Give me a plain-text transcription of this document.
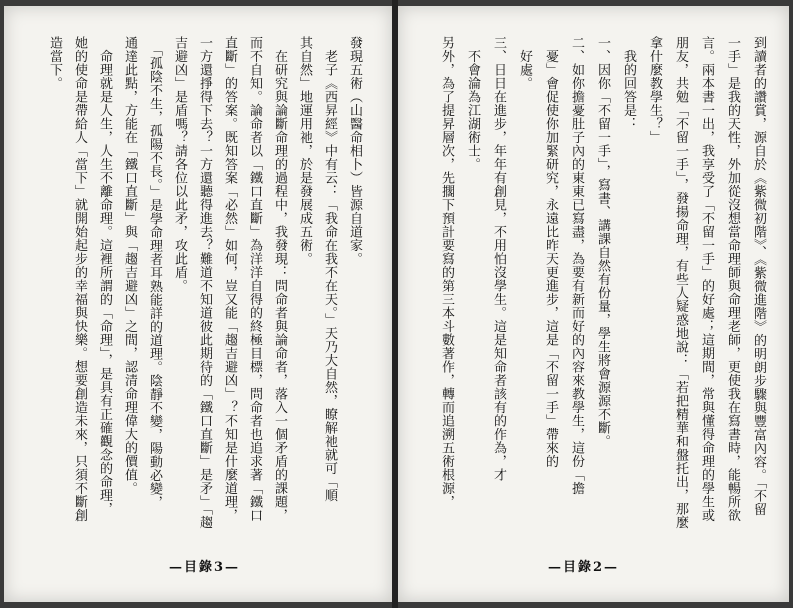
發現五術（山醫命相卜）皆源自道家。
　老子《西昇經》中有云：「我命在我不在天。」天乃大自然，瞭解祂就可「順
其自然」地運用祂，於是發展成五術。
　在研究與論斷命理的過程中，我發現：問命者與論命者，落入一個矛盾的課題，
而不自知。論命者以「鐵口直斷」為洋洋自得的終極目標，問命者也追求著「鐵口
直斷」的答案。既知答案「必然」如何，豈又能「趨吉避凶」？不知是什麼道理，
一方還掙得下去？一方還聽得進去？難道不知道彼此期待的「鐵口直斷」是矛」「趨
吉避凶」是盾嗎？請各位以此矛，攻此盾。
　「孤陰不生，孤陽不長。」是學命理者耳熟能詳的道理。陰靜不變，陽動必變，
通達此點，方能在「鐵口直斷」與「趨吉避凶」之間，認清命理偉大的價值。
　命理就是人生，人生不離命理。這裡所謂的「命理」，是具有正確觀念的命理，
她的使命是帶給人「當下」就開始起步的幸福與快樂。想要創造未來，只須不斷創
造當下。
—目錄3—
到讀者的讚賞，源自於《紫微初階》、《紫微進階》的明朗步驟與豐富內容。「不留
一手」是我的天性，外加從沒想當命理師與命理老師，更使我在寫書時，能暢所欲
言。兩本書一出，我享受了「不留一手」的好處；這期間，常與懂得命理的學生或
朋友，共勉「不留一手」，發揚命理，有些人疑惑地說：「若把精華和盤托出，那麼
拿什麼教學生？」
　我的回答是：
一、因你「不留一手」，寫書、講課自然有份量，學生將會源源不斷。
二、如你擔憂肚子內的東東已寫盡，為要有新而好的內容來教學生，這份「擔
　憂」會促使你加緊研究，永遠比昨天更進步，這是「不留一手」帶來的
　好處。
三、日日在進步，年年有創見，不用怕沒學生。這是知命者該有的作為，才
　不會淪為江湖術士。
另外，為了提昇層次，先擱下預計要寫的第三本斗數著作，轉而追溯五術根源，
—目錄2—
